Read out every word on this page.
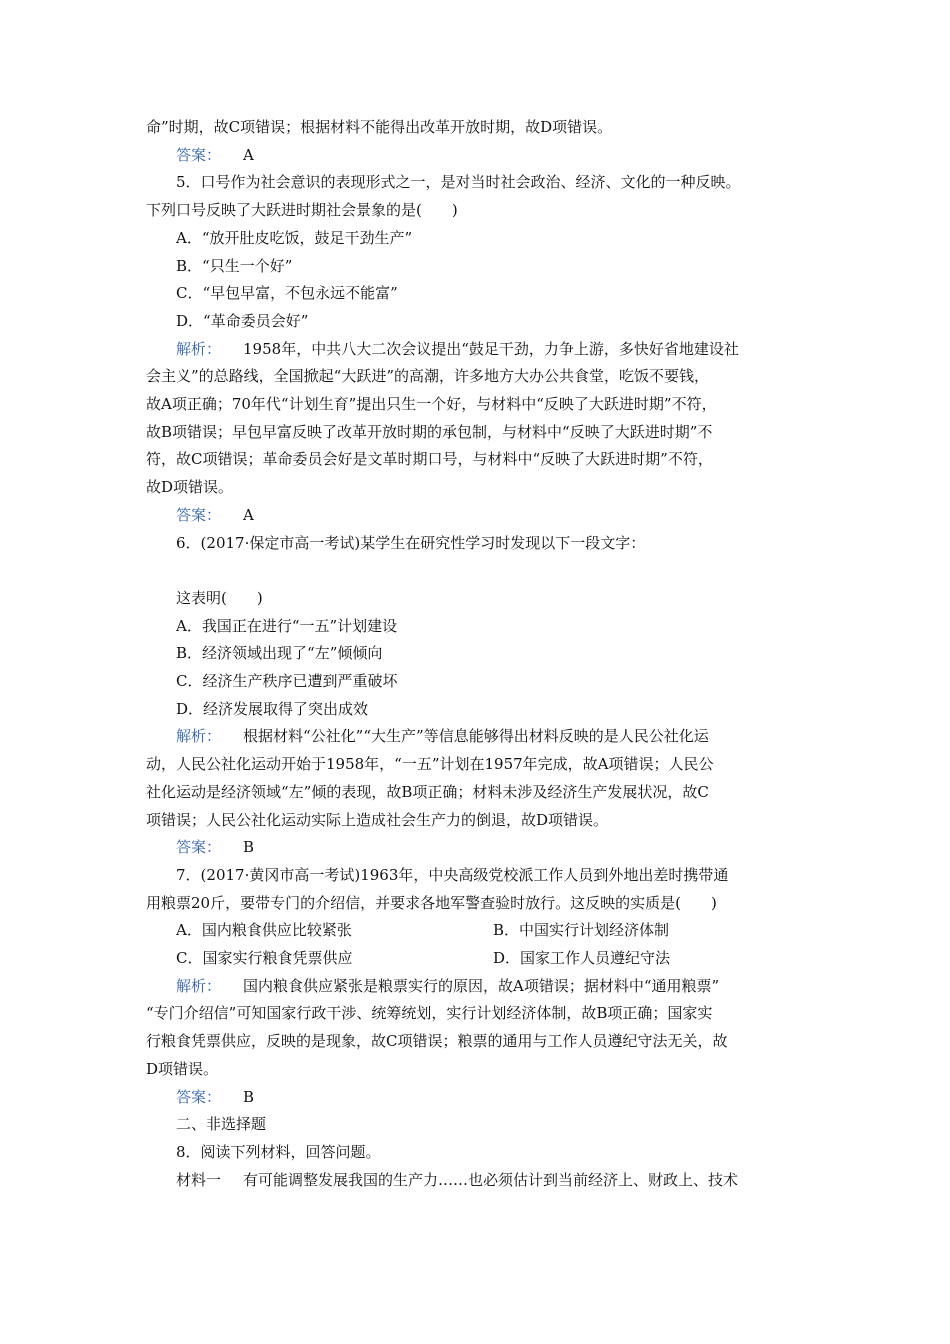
命”时期，故C项错误；根据材料不能得出改革开放时期，故D项错误。

答案： A

5．口号作为社会意识的表现形式之一，是对当时社会政治、经济、文化的一种反映。

下列口号反映了大跃进时期社会景象的是(　　)

A．“放开肚皮吃饭，鼓足干劲生产”

B．“只生一个好”

C．“早包早富，不包永远不能富”

D．“革命委员会好”

解析： 1958年，中共八大二次会议提出“鼓足干劲，力争上游，多快好省地建设社

会主义”的总路线，全国掀起“大跃进”的高潮，许多地方大办公共食堂，吃饭不要钱，

故A项正确；70年代“计划生育”提出只生一个好，与材料中“反映了大跃进时期”不符，

故B项错误；早包早富反映了改革开放时期的承包制，与材料中“反映了大跃进时期”不

符，故C项错误；革命委员会好是文革时期口号，与材料中“反映了大跃进时期”不符，

故D项错误。

答案： A

6．(2017·保定市高一考试)某学生在研究性学习时发现以下一段文字：

这表明(　　)

A．我国正在进行“一五”计划建设

B．经济领域出现了“左”倾倾向

C．经济生产秩序已遭到严重破坏

D．经济发展取得了突出成效

解析： 根据材料“公社化”“大生产”等信息能够得出材料反映的是人民公社化运

动，人民公社化运动开始于1958年，“一五”计划在1957年完成，故A项错误；人民公

社化运动是经济领域“左”倾的表现，故B项正确；材料未涉及经济生产发展状况，故C

项错误；人民公社化运动实际上造成社会生产力的倒退，故D项错误。

答案： B

7．(2017·黄冈市高一考试)1963年，中央高级党校派工作人员到外地出差时携带通

用粮票20斤，要带专门的介绍信，并要求各地军警查验时放行。这反映的实质是(　　)

A．国内粮食供应比较紧张	B．中国实行计划经济体制
C．国家实行粮食凭票供应	D．国家工作人员遵纪守法

解析： 国内粮食供应紧张是粮票实行的原因，故A项错误；据材料中“通用粮票”

“专门介绍信”可知国家行政干涉、统筹统划，实行计划经济体制，故B项正确；国家实

行粮食凭票供应，反映的是现象，故C项错误；粮票的通用与工作人员遵纪守法无关，故

D项错误。

答案： B

二、非选择题

8．阅读下列材料，回答问题。

材料一 有可能调整发展我国的生产力……也必须估计到当前经济上、财政上、技术
